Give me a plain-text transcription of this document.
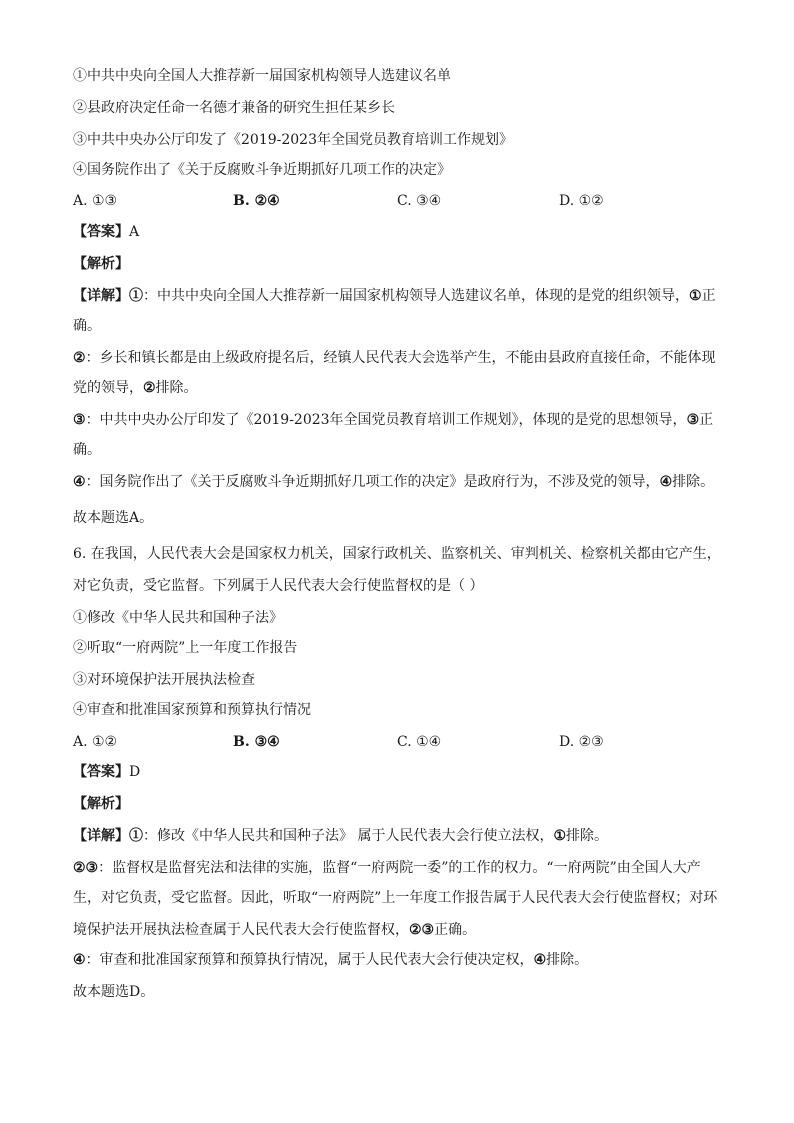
①中共中央向全国人大推荐新一届国家机构领导人选建议名单
②县政府决定任命一名德才兼备的研究生担任某乡长
③中共中央办公厅印发了《2019-2023年全国党员教育培训工作规划》
④国务院作出了《关于反腐败斗争近期抓好几项工作的决定》
A. ①③	B. ②④	C. ③④	D. ①②
【答案】A
【解析】
【详解】①：中共中央向全国人大推荐新一届国家机构领导人选建议名单，体现的是党的组织领导，①正
确。
②：乡长和镇长都是由上级政府提名后，经镇人民代表大会选举产生，不能由县政府直接任命，不能体现
党的领导，②排除。
③：中共中央办公厅印发了《2019-2023年全国党员教育培训工作规划》，体现的是党的思想领导，③正
确。
④：国务院作出了《关于反腐败斗争近期抓好几项工作的决定》是政府行为，不涉及党的领导，④排除。
故本题选A。
6. 在我国，人民代表大会是国家权力机关，国家行政机关、监察机关、审判机关、检察机关都由它产生，
对它负责，受它监督。下列属于人民代表大会行使监督权的是（ ）
①修改《中华人民共和国种子法》
②听取“一府两院”上一年度工作报告
③对环境保护法开展执法检查
④审查和批准国家预算和预算执行情况
A. ①②	B. ③④	C. ①④	D. ②③
【答案】D
【解析】
【详解】①：修改《中华人民共和国种子法》 属于人民代表大会行使立法权，①排除。
②③：监督权是监督宪法和法律的实施，监督“一府两院一委”的工作的权力。“一府两院”由全国人大产
生，对它负责，受它监督。因此，听取“一府两院”上一年度工作报告属于人民代表大会行使监督权；对环
境保护法开展执法检查属于人民代表大会行使监督权，②③正确。
④：审查和批准国家预算和预算执行情况，属于人民代表大会行使决定权，④排除。
故本题选D。
